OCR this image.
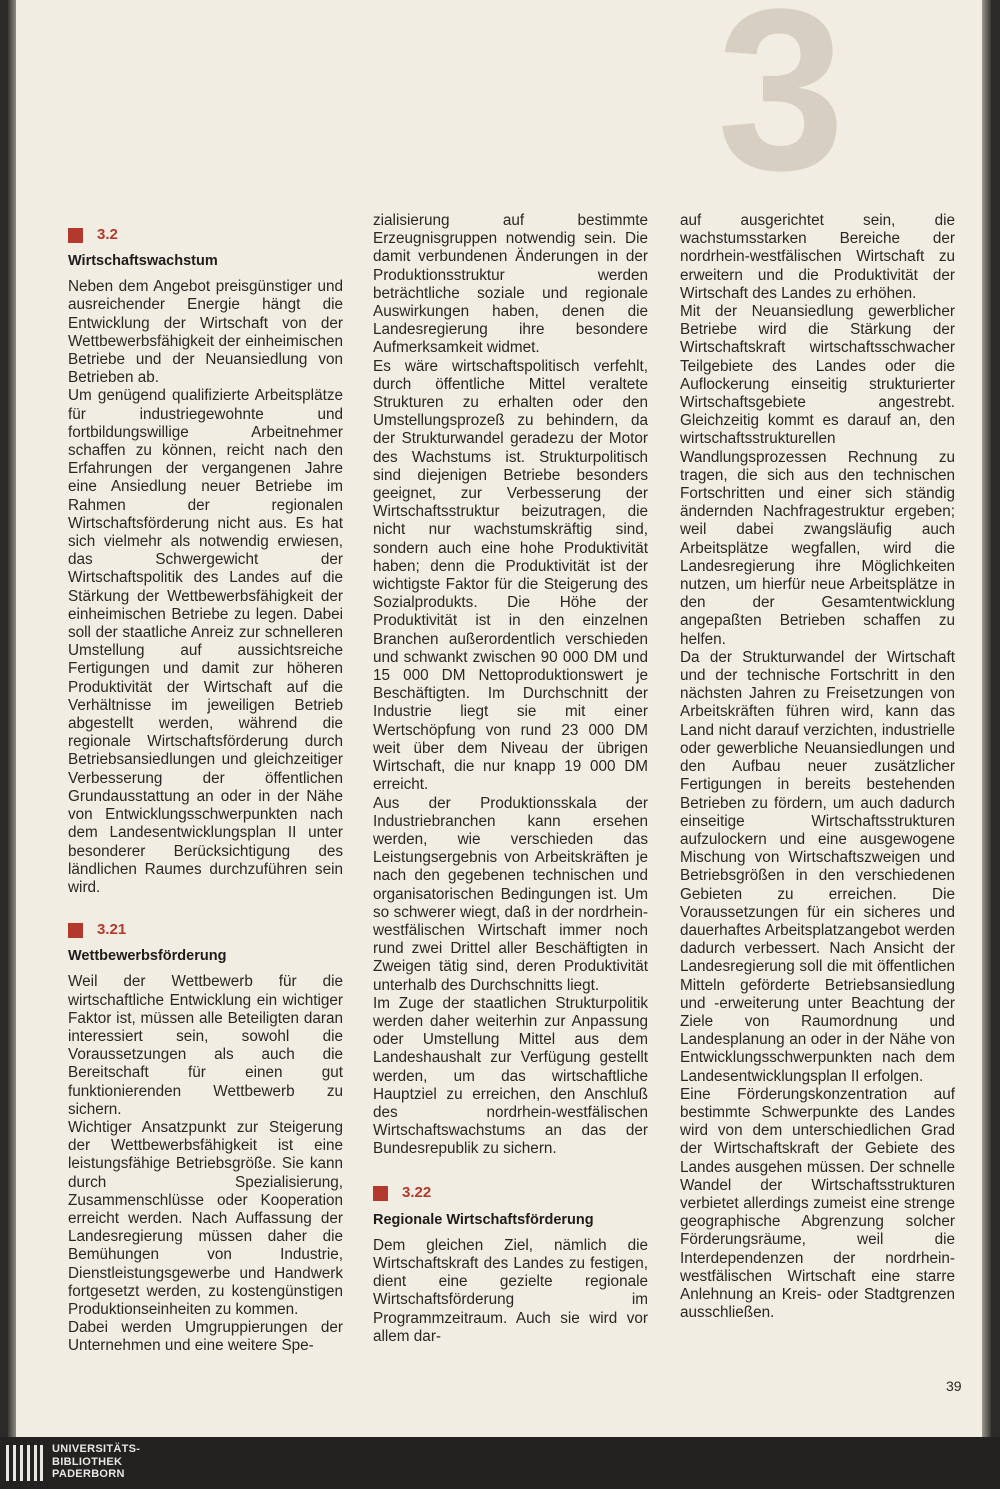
3
3.2
Wirtschaftswachstum

Neben dem Angebot preisgünstiger und ausreichender Energie hängt die Entwicklung der Wirtschaft von der Wettbewerbsfähigkeit der einheimischen Betriebe und der Neuansiedlung von Betrieben ab.

Um genügend qualifizierte Arbeitsplätze für industriegewohnte und fortbildungswillige Arbeitnehmer schaffen zu können, reicht nach den Erfahrungen der vergangenen Jahre eine Ansiedlung neuer Betriebe im Rahmen der regionalen Wirtschaftsförderung nicht aus. Es hat sich vielmehr als notwendig erwiesen, das Schwergewicht der Wirtschaftspolitik des Landes auf die Stärkung der Wettbewerbsfähigkeit der einheimischen Betriebe zu legen. Dabei soll der staatliche Anreiz zur schnelleren Umstellung auf aussichtsreiche Fertigungen und damit zur höheren Produktivität der Wirtschaft auf die Verhältnisse im jeweiligen Betrieb abgestellt werden, während die regionale Wirtschaftsförderung durch Betriebsansiedlungen und gleichzeitiger Verbesserung der öffentlichen Grundausstattung an oder in der Nähe von Entwicklungsschwerpunkten nach dem Landesentwicklungsplan II unter besonderer Berücksichtigung des ländlichen Raumes durchzuführen sein wird.

3.21
Wettbewerbsförderung

Weil der Wettbewerb für die wirtschaftliche Entwicklung ein wichtiger Faktor ist, müssen alle Beteiligten daran interessiert sein, sowohl die Voraussetzungen als auch die Bereitschaft für einen gut funktionierenden Wettbewerb zu sichern.

Wichtiger Ansatzpunkt zur Steigerung der Wettbewerbsfähigkeit ist eine leistungsfähige Betriebsgröße. Sie kann durch Spezialisierung, Zusammenschlüsse oder Kooperation erreicht werden. Nach Auffassung der Landesregierung müssen daher die Bemühungen von Industrie, Dienstleistungsgewerbe und Handwerk fortgesetzt werden, zu kostengünstigen Produktionseinheiten zu kommen.

Dabei werden Umgruppierungen der Unternehmen und eine weitere Spe-

zialisierung auf bestimmte Erzeugnisgruppen notwendig sein. Die damit verbundenen Änderungen in der Produktionsstruktur werden beträchtliche soziale und regionale Auswirkungen haben, denen die Landesregierung ihre besondere Aufmerksamkeit widmet.

Es wäre wirtschaftspolitisch verfehlt, durch öffentliche Mittel veraltete Strukturen zu erhalten oder den Umstellungsprozeß zu behindern, da der Strukturwandel geradezu der Motor des Wachstums ist. Strukturpolitisch sind diejenigen Betriebe besonders geeignet, zur Verbesserung der Wirtschaftsstruktur beizutragen, die nicht nur wachstumskräftig sind, sondern auch eine hohe Produktivität haben; denn die Produktivität ist der wichtigste Faktor für die Steigerung des Sozialprodukts. Die Höhe der Produktivität ist in den einzelnen Branchen außerordentlich verschieden und schwankt zwischen 90 000 DM und 15 000 DM Nettoproduktionswert je Beschäftigten. Im Durchschnitt der Industrie liegt sie mit einer Wertschöpfung von rund 23 000 DM weit über dem Niveau der übrigen Wirtschaft, die nur knapp 19 000 DM erreicht.

Aus der Produktionsskala der Industriebranchen kann ersehen werden, wie verschieden das Leistungsergebnis von Arbeitskräften je nach den gegebenen technischen und organisatorischen Bedingungen ist. Um so schwerer wiegt, daß in der nordrhein-westfälischen Wirtschaft immer noch rund zwei Drittel aller Beschäftigten in Zweigen tätig sind, deren Produktivität unterhalb des Durchschnitts liegt.

Im Zuge der staatlichen Strukturpolitik werden daher weiterhin zur Anpassung oder Umstellung Mittel aus dem Landeshaushalt zur Verfügung gestellt werden, um das wirtschaftliche Hauptziel zu erreichen, den Anschluß des nordrhein-westfälischen Wirtschaftswachstums an das der Bundesrepublik zu sichern.

3.22
Regionale Wirtschaftsförderung

Dem gleichen Ziel, nämlich die Wirtschaftskraft des Landes zu festigen, dient eine gezielte regionale Wirtschaftsförderung im Programmzeitraum. Auch sie wird vor allem dar-

auf ausgerichtet sein, die wachstumsstarken Bereiche der nordrhein-westfälischen Wirtschaft zu erweitern und die Produktivität der Wirtschaft des Landes zu erhöhen.

Mit der Neuansiedlung gewerblicher Betriebe wird die Stärkung der Wirtschaftskraft wirtschaftsschwacher Teilgebiete des Landes oder die Auflockerung einseitig strukturierter Wirtschaftsgebiete angestrebt. Gleichzeitig kommt es darauf an, den wirtschaftsstrukturellen Wandlungsprozessen Rechnung zu tragen, die sich aus den technischen Fortschritten und einer sich ständig ändernden Nachfragestruktur ergeben; weil dabei zwangsläufig auch Arbeitsplätze wegfallen, wird die Landesregierung ihre Möglichkeiten nutzen, um hierfür neue Arbeitsplätze in den der Gesamtentwicklung angepaßten Betrieben schaffen zu helfen.

Da der Strukturwandel der Wirtschaft und der technische Fortschritt in den nächsten Jahren zu Freisetzungen von Arbeitskräften führen wird, kann das Land nicht darauf verzichten, industrielle oder gewerbliche Neuansiedlungen und den Aufbau neuer zusätzlicher Fertigungen in bereits bestehenden Betrieben zu fördern, um auch dadurch einseitige Wirtschaftsstrukturen aufzulockern und eine ausgewogene Mischung von Wirtschaftszweigen und Betriebsgrößen in den verschiedenen Gebieten zu erreichen. Die Voraussetzungen für ein sicheres und dauerhaftes Arbeitsplatzangebot werden dadurch verbessert. Nach Ansicht der Landesregierung soll die mit öffentlichen Mitteln geförderte Betriebsansiedlung und -erweiterung unter Beachtung der Ziele von Raumordnung und Landesplanung an oder in der Nähe von Entwicklungsschwerpunkten nach dem Landesentwicklungsplan II erfolgen.

Eine Förderungskonzentration auf bestimmte Schwerpunkte des Landes wird von dem unterschiedlichen Grad der Wirtschaftskraft der Gebiete des Landes ausgehen müssen. Der schnelle Wandel der Wirtschaftsstrukturen verbietet allerdings zumeist eine strenge geographische Abgrenzung solcher Förderungsräume, weil die Interdependenzen der nordrhein-westfälischen Wirtschaft eine starre Anlehnung an Kreis- oder Stadtgrenzen ausschließen.

39
UNIVERSITÄTS-
BIBLIOTHEK
PADERBORN
